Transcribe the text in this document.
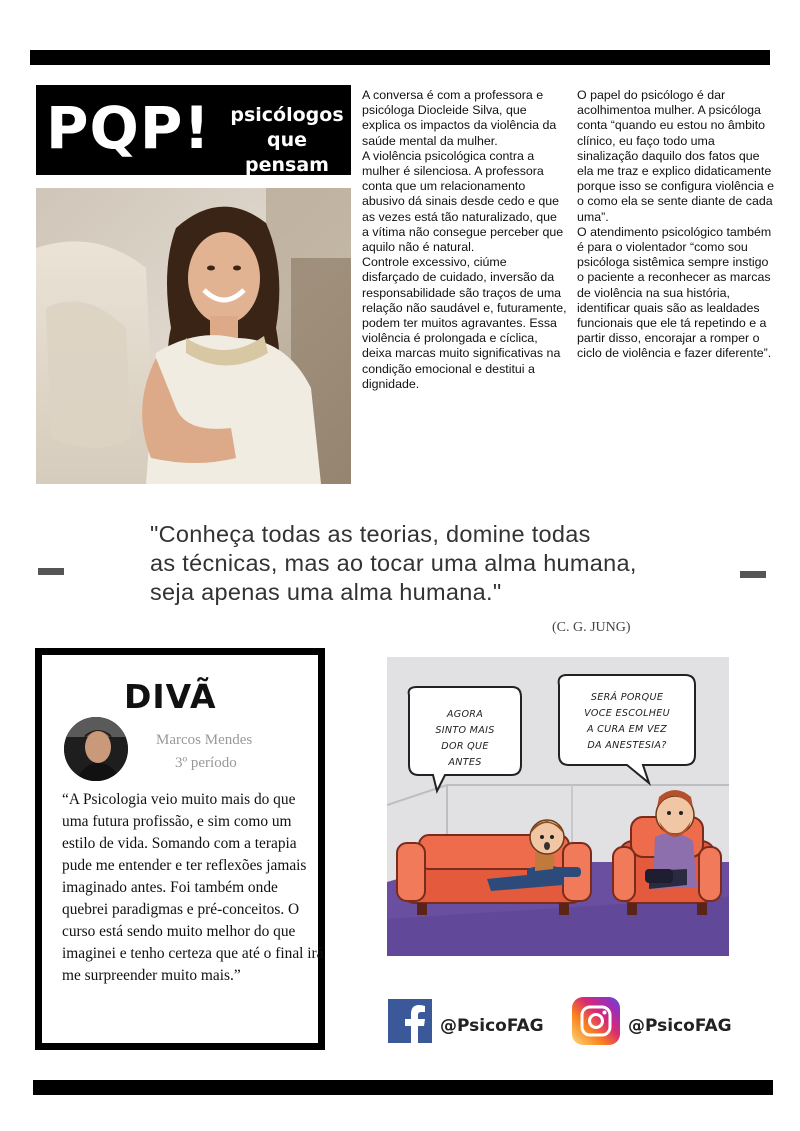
PQP! psicólogos
que pensam

A conversa é com a professora e psicóloga Diocleide Silva, que explica os impactos da violência da saúde mental da mulher.

A violência psicológica contra a mulher é silenciosa. A professora conta que um relacionamento abusivo dá sinais desde cedo e que as vezes está tão naturalizado, que a vítima não consegue perceber que aquilo não é natural.

Controle excessivo, ciúme disfarçado de cuidado, inversão da responsabilidade são traços de uma relação não saudável e, futuramente, podem ter muitos agravantes. Essa violência é prolongada e cíclica, deixa marcas muito significativas na condição emocional e destitui a dignidade.

O papel do psicólogo é dar acolhimentoa mulher. A psicóloga conta “quando eu estou no âmbito clínico, eu faço todo uma sinalização daquilo dos fatos que ela me traz e explico didaticamente porque isso se configura violência e o como ela se sente diante de cada uma”.

O atendimento psicológico também é para o violentador “como sou psicóloga sistêmica sempre instigo o paciente a reconhecer as marcas de violência na sua história, identificar quais são as lealdades funcionais que ele tá repetindo e a partir disso, encorajar a romper o ciclo de violência e fazer diferente”.

"Conheça todas as teorias, domine todas
as técnicas, mas ao tocar uma alma humana,
seja apenas uma alma humana."
(C. G. JUNG)
DIVÃ
Marcos Mendes
3º período
“A Psicologia veio muito mais do que uma futura profissão, e sim como um estilo de vida. Somando com a terapia pude me entender e ter reflexões jamais imaginado antes. Foi também onde quebrei paradigmas e pré-conceitos. O curso está sendo muito melhor do que imaginei e tenho certeza que até o final irá me surpreender muito mais.”
AGORA
SINTO MAIS
DOR QUE
ANTES
SERÁ PORQUE
VOCE ESCOLHEU
A CURA EM VEZ
DA ANESTESIA?
@PsicoFAG	@PsicoFAG
